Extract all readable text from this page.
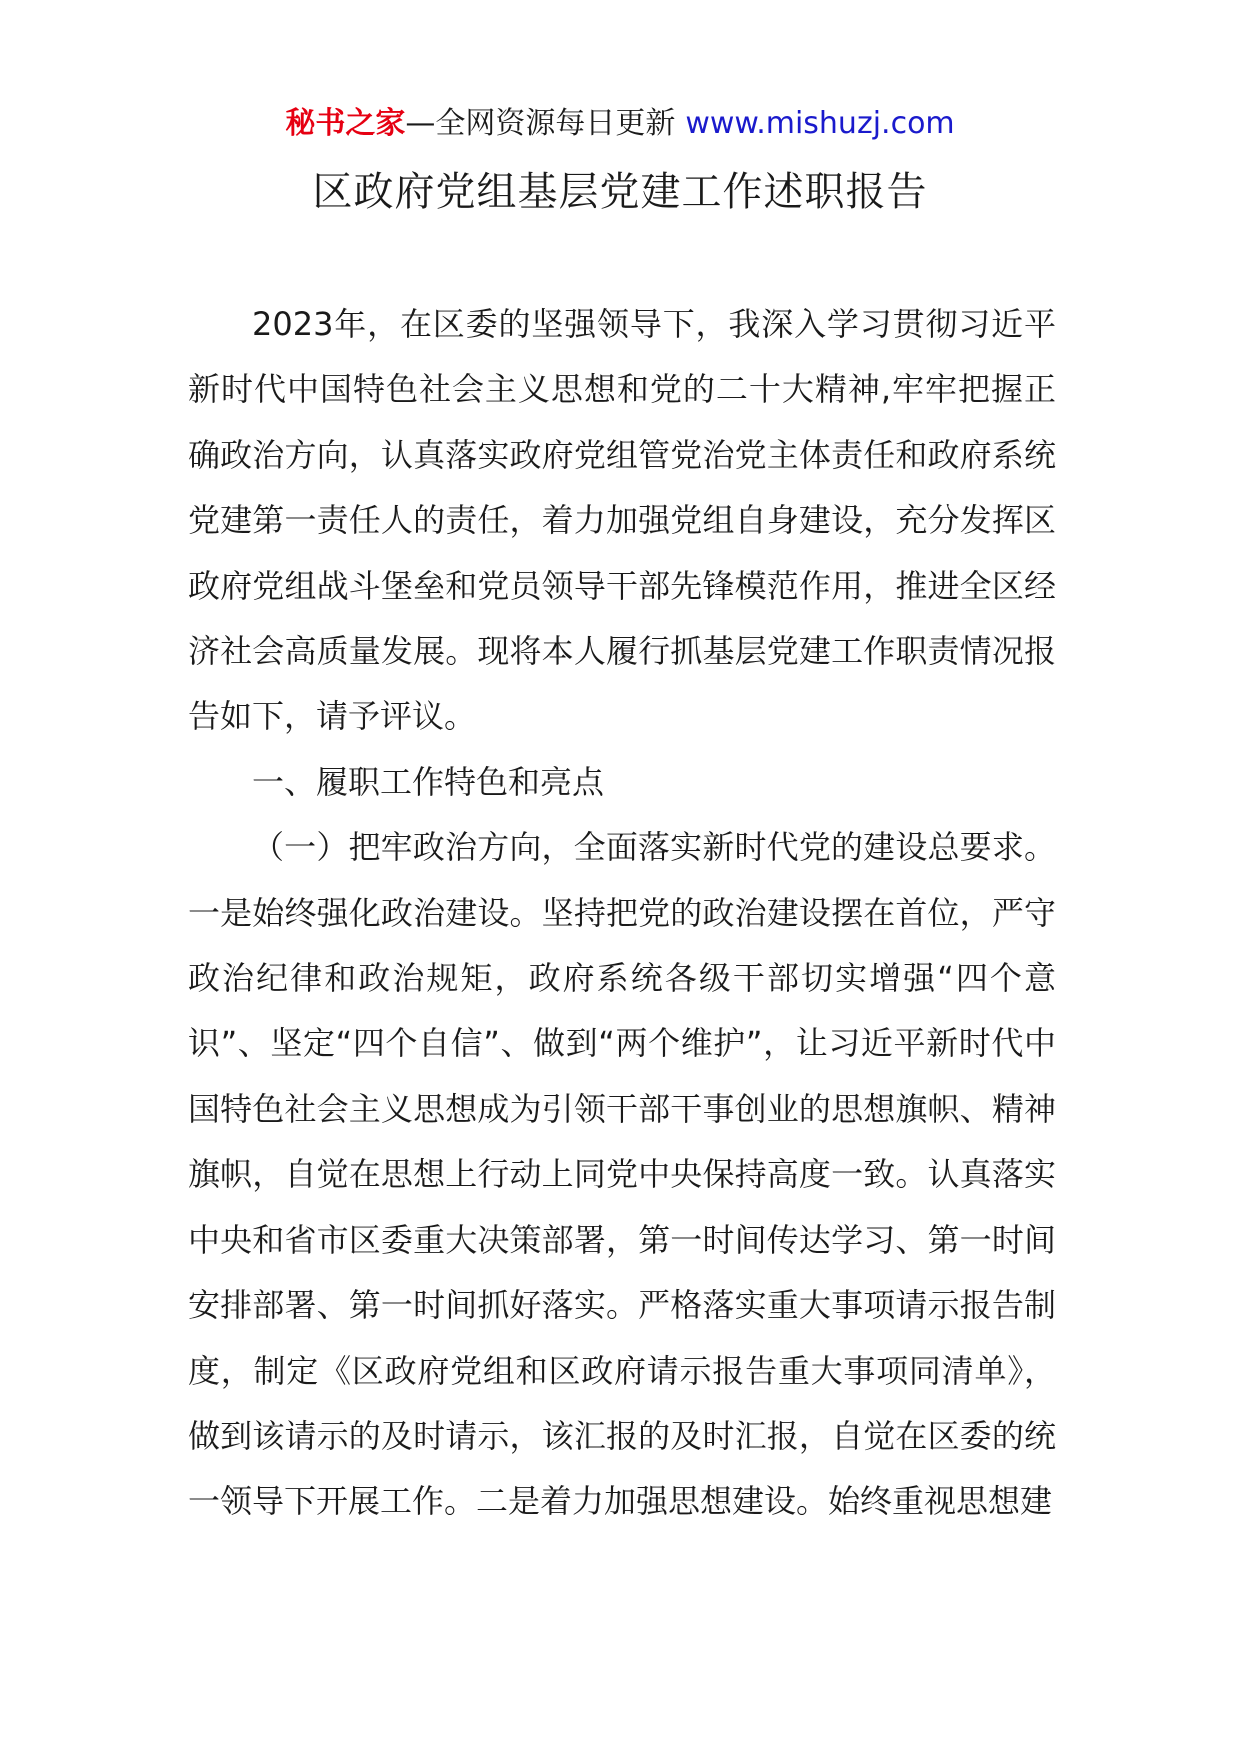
秘书之家—全网资源每日更新 www.mishuzj.com
区政府党组基层党建工作述职报告

2023年，在区委的坚强领导下，我深入学习贯彻习近平新时代中国特色社会主义思想和党的二十大精神,牢牢把握正确政治方向，认真落实政府党组管党治党主体责任和政府系统党建第一责任人的责任，着力加强党组自身建设，充分发挥区政府党组战斗堡垒和党员领导干部先锋模范作用，推进全区经济社会高质量发展。现将本人履行抓基层党建工作职责情况报告如下，请予评议。

一、履职工作特色和亮点

（一）把牢政治方向，全面落实新时代党的建设总要求。一是始终强化政治建设。坚持把党的政治建设摆在首位，严守政治纪律和政治规矩，政府系统各级干部切实增强“四个意识”、坚定“四个自信”、做到“两个维护”，让习近平新时代中国特色社会主义思想成为引领干部干事创业的思想旗帜、精神旗帜，自觉在思想上行动上同党中央保持高度一致。认真落实中央和省市区委重大决策部署，第一时间传达学习、第一时间安排部署、第一时间抓好落实。严格落实重大事项请示报告制度，制定《区政府党组和区政府请示报告重大事项同清单》，做到该请示的及时请示，该汇报的及时汇报，自觉在区委的统一领导下开展工作。二是着力加强思想建设。始终重视思想建
